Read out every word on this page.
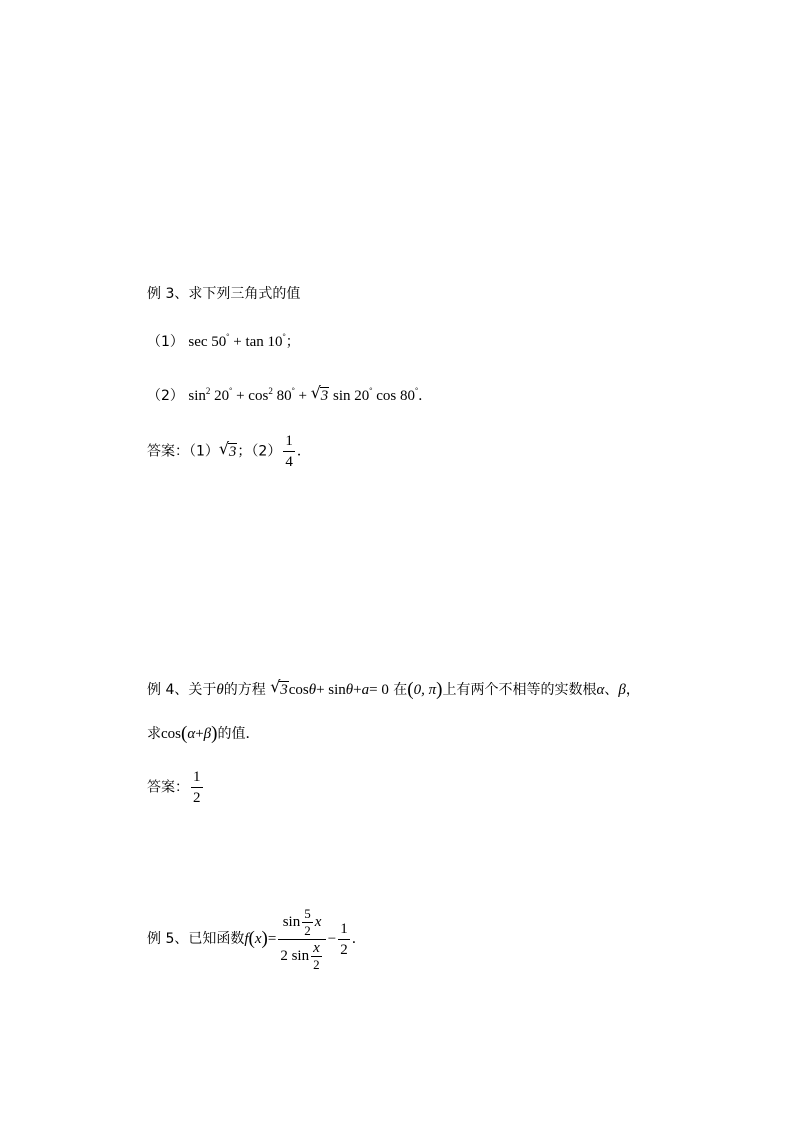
例 3、求下列三角式的值
（1） sec 50° + tan 10°；
（2） $\sin^2 20^\circ + \cos^2 80^\circ$ + √ 3 sin 20° cos 80°．
答案：（1） √ 3；$(2) \frac{1}{4}$ ．
例 4、关于θ的方程 √ 3cosθ+ sinθ+a= 0 在(0, π)上有两个不相等的实数根α、β，
求cos(α+β)的值．
答案： $\frac{1}{2}$
例 5、已知函数$f(x)= \frac{\sin \frac{5}{2} x}{2 \sin \frac{x}{2}} - \frac{1}{2}$ ．
